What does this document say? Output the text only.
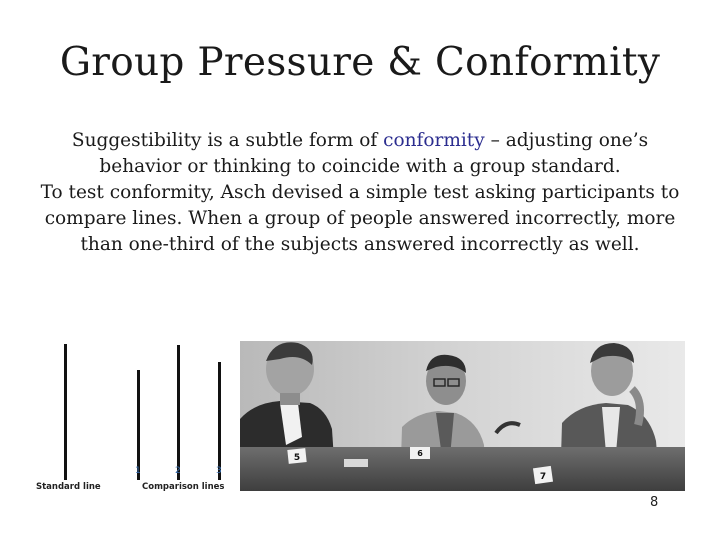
Group Pressure & Conformity

Suggestibility is a subtle form of conformity – adjusting one’s behavior or thinking to coincide with a group standard.

To test conformity, Asch devised a simple test asking participants to compare lines. When a group of people answered incorrectly, more than one-third of the subjects answered incorrectly as well.

1	2	3
Standard line	Comparison lines
5	6
7
8
